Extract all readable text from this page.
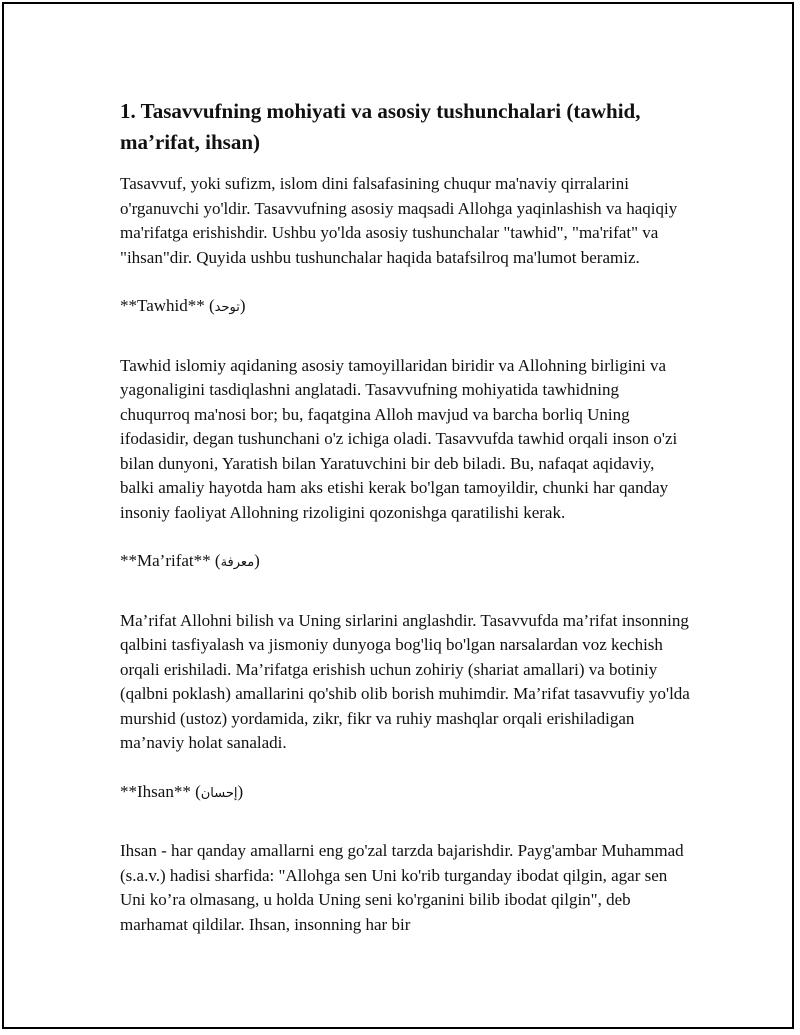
1. Tasavvufning mohiyati va asosiy tushunchalari (tawhid, ma’rifat, ihsan)
Tasavvuf, yoki sufizm, islom dini falsafasining chuqur ma'naviy qirralarini o'rganuvchi yo'ldir. Tasavvufning asosiy maqsadi Allohga yaqinlashish va haqiqiy ma'rifatga erishishdir. Ushbu yo'lda asosiy tushunchalar "tawhid", "ma'rifat" va "ihsan"dir. Quyida ushbu tushunchalar haqida batafsilroq ma'lumot beramiz.
**Tawhid** (توحد)
Tawhid islomiy aqidaning asosiy tamoyillaridan biridir va Allohning birligini va yagonaligini tasdiqlashni anglatadi. Tasavvufning mohiyatida tawhidning chuqurroq ma'nosi bor; bu, faqatgina Alloh mavjud va barcha borliq Uning ifodasidir, degan tushunchani o'z ichiga oladi. Tasavvufda tawhid orqali inson o'zi bilan dunyoni, Yaratish bilan Yaratuvchini bir deb biladi. Bu, nafaqat aqidaviy, balki amaliy hayotda ham aks etishi kerak bo'lgan tamoyildir, chunki har qanday insoniy faoliyat Allohning rizoligini qozonishga qaratilishi kerak.
**Ma’rifat** (معرفة)
Ma’rifat Allohni bilish va Uning sirlarini anglashdir. Tasavvufda ma’rifat insonning qalbini tasfiyalash va jismoniy dunyoga bog'liq bo'lgan narsalardan voz kechish orqali erishiladi. Ma’rifatga erishish uchun zohiriy (shariat amallari) va botiniy (qalbni poklash) amallarini qo'shib olib borish muhimdir. Ma’rifat tasavvufiy yo'lda murshid (ustoz) yordamida, zikr, fikr va ruhiy mashqlar orqali erishiladigan ma’naviy holat sanaladi.
**Ihsan** (إحسان)
Ihsan - har qanday amallarni eng go'zal tarzda bajarishdir. Payg'ambar Muhammad (s.a.v.) hadisi sharfida: "Allohga sen Uni ko'rib turganday ibodat qilgin, agar sen Uni ko’ra olmasang, u holda Uning seni ko'rganini bilib ibodat qilgin", deb marhamat qildilar. Ihsan, insonning har bir
